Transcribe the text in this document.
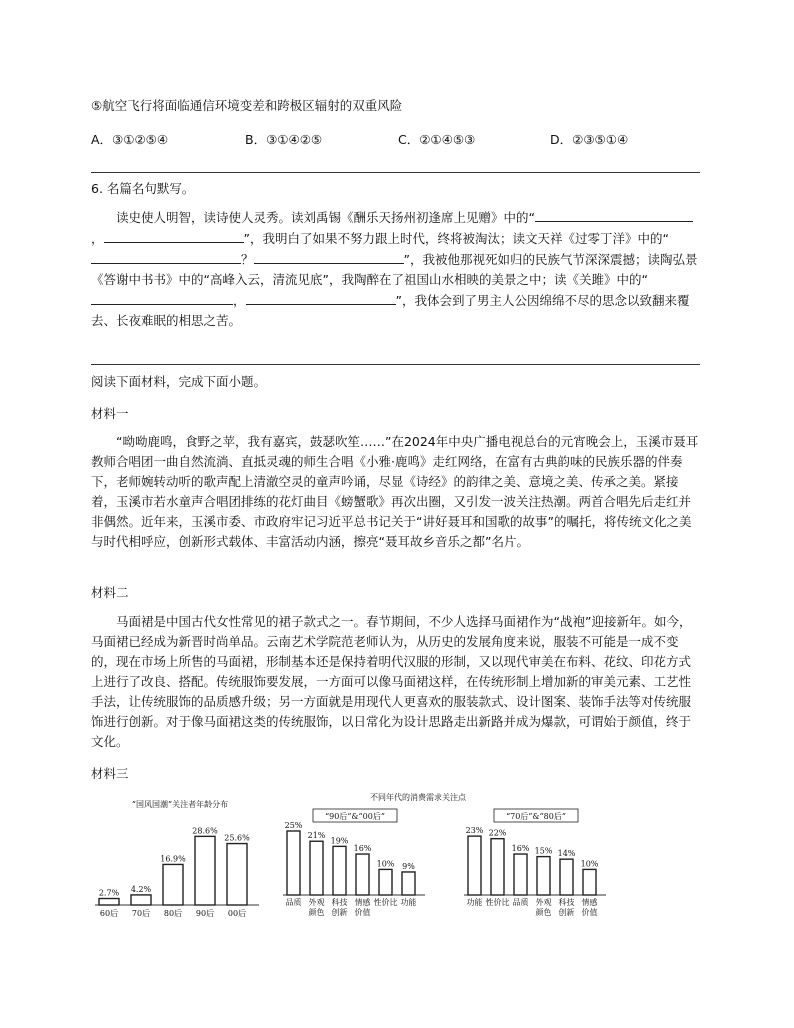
⑤航空飞行将面临通信环境变差和跨极区辐射的双重风险
A．③①②⑤④	B．③①④②⑤	C．②①④⑤③	D．②③⑤①④
6. 名篇名句默写。

读史使人明智，读诗使人灵秀。读刘禹锡《酬乐天扬州初逢席上见赠》中的“，	”，我明白了如果不努力跟上时代，终将被淘汰；读文天祥《过零丁洋》中的“？	”，我被他那视死如归的民族气节深深震撼；读陶弘景《答谢中书书》中的“高峰入云，清流见底”，我陶醉在了祖国山水相映的美景之中；读《关雎》中的“，	”，我体会到了男主人公因绵绵不尽的思念以致翻来覆去、长夜难眠的相思之苦。

阅读下面材料，完成下面小题。
材料一

“呦呦鹿鸣，食野之苹，我有嘉宾，鼓瑟吹笙……”在2024年中央广播电视总台的元宵晚会上，玉溪市聂耳教师合唱团一曲自然流淌、直抵灵魂的师生合唱《小雅·鹿鸣》走红网络，在富有古典韵味的民族乐器的伴奏下，老师婉转动听的歌声配上清澈空灵的童声吟诵，尽显《诗经》的韵律之美、意境之美、传承之美。紧接着，玉溪市若水童声合唱团排练的花灯曲目《螃蟹歌》再次出圈，又引发一波关注热潮。两首合唱先后走红并非偶然。近年来，玉溪市委、市政府牢记习近平总书记关于“讲好聂耳和国歌的故事”的嘱托，将传统文化之美与时代相呼应，创新形式载体、丰富活动内涵，擦亮“聂耳故乡音乐之都”名片。

材料二

马面裙是中国古代女性常见的裙子款式之一。春节期间，不少人选择马面裙作为“战袍”迎接新年。如今，马面裙已经成为新晋时尚单品。云南艺术学院范老师认为，从历史的发展角度来说，服装不可能是一成不变的，现在市场上所售的马面裙，形制基本还是保持着明代汉服的形制，又以现代审美在布料、花纹、印花方式上进行了改良、搭配。传统服饰要发展，一方面可以像马面裙这样，在传统形制上增加新的审美元素、工艺性手法，让传统服饰的品质感升级；另一方面就是用现代人更喜欢的服装款式、设计图案、装饰手法等对传统服饰进行创新。对于像马面裙这类的传统服饰，以日常化为设计思路走出新路并成为爆款，可谓始于颜值，终于文化。

材料三
“国风国潮”关注者年龄分布
2.7%
60后
4.2%
70后
16.9%
80后
28.6%
90后
25.6%
00后
不同年代的消费需求关注点
“90后”&“00后”
25%
品质
21%
外观
颜色
19%
科技
创新
16%
情感
价值
10%
性价比
9%
功能
“70后”&“80后”
23%
功能
22%
性价比
16%
品质
15%
外观
颜色
14%
科技
创新
10%
情感
价值
